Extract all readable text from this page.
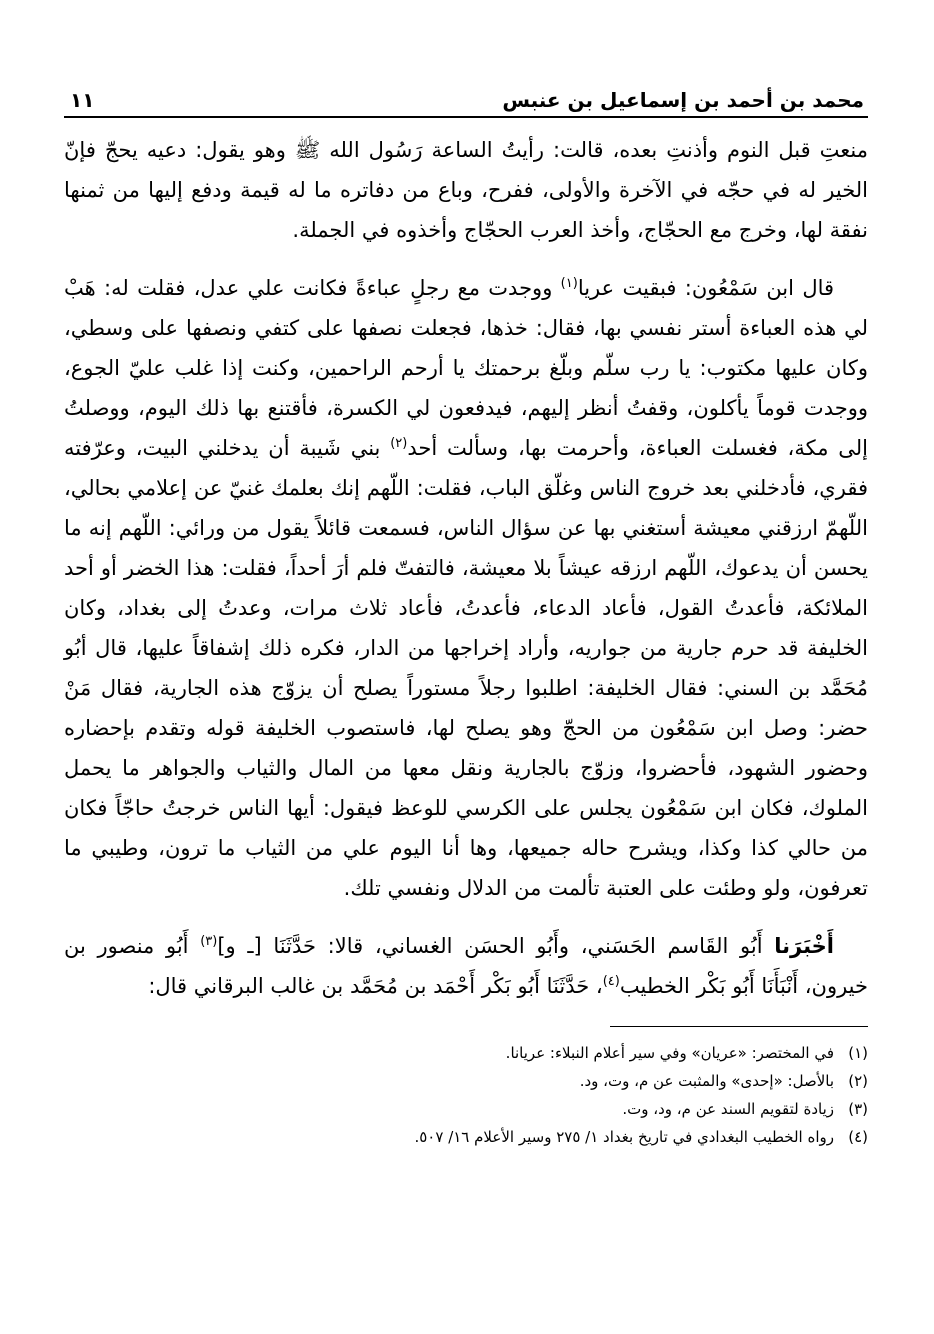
محمد بن أحمد بن إسماعيل بن عنبس
١١

منعتِ قبل النوم وأذنتِ بعده، قالت: رأيتُ الساعة رَسُول الله ﷺ وهو يقول: دعيه يحجّ فإنّ الخير له في حجّه في الآخرة والأولى، ففرح، وباع من دفاتره ما له قيمة ودفع إليها من ثمنها نفقة لها، وخرج مع الحجّاج، وأخذ العرب الحجّاج وأخذوه في الجملة.

قال ابن سَمْعُون: فبقيت عريا$^{(١)}$ ووجدت مع رجلٍ عباءةً فكانت علي عدل، فقلت له: هَبْ لي هذه العباءة أستر نفسي بها، فقال: خذها، فجعلت نصفها على كتفي ونصفها على وسطي، وكان عليها مكتوب: يا رب سلّم وبلّغ برحمتك يا أرحم الراحمين، وكنت إذا غلب عليّ الجوع، ووجدت قوماً يأكلون، وقفتُ أنظر إليهم، فيدفعون لي الكسرة، فأقتنع بها ذلك اليوم، ووصلتُ إلى مكة، فغسلت العباءة، وأحرمت بها، وسألت أحد$^{(٢)}$ بني شَيبة أن يدخلني البيت، وعرّفته فقري، فأدخلني بعد خروج الناس وغلّق الباب، فقلت: اللّهم إنك بعلمك غنيّ عن إعلامي بحالي، اللّهمّ ارزقني معيشة أستغني بها عن سؤال الناس، فسمعت قائلاً يقول من ورائي: اللّهم إنه ما يحسن أن يدعوك، اللّهم ارزقه عيشاً بلا معيشة، فالتفتّ فلم أرَ أحداً، فقلت: هذا الخضر أو أحد الملائكة، فأعدتُ القول، فأعاد الدعاء، فأعدتُ، فأعاد ثلاث مرات، وعدتُ إلى بغداد، وكان الخليفة قد حرم جارية من جواريه، وأراد إخراجها من الدار، فكره ذلك إشفاقاً عليها، قال أبُو مُحَمَّد بن السني: فقال الخليفة: اطلبوا رجلاً مستوراً يصلح أن يزوّج هذه الجارية، فقال مَنْ حضر: وصل ابن سَمْعُون من الحجّ وهو يصلح لها، فاستصوب الخليفة قوله وتقدم بإحضاره وحضور الشهود، فأحضروا، وزوّج بالجارية ونقل معها من المال والثياب والجواهر ما يحمل الملوك، فكان ابن سَمْعُون يجلس على الكرسي للوعظ فيقول: أيها الناس خرجتُ حاجّاً فكان من حالي كذا وكذا، ويشرح حاله جميعها، وها أنا اليوم علي من الثياب ما ترون، وطيبي ما تعرفون، ولو وطئت على العتبة تألمت من الدلال ونفسي تلك.

أَخْبَرَنا أَبُو القَاسم الحَسَني، وأَبُو الحسَن الغساني، قالا: حَدَّثَنَا [ـ و]$^{(٣)}$ أَبُو منصور بن خيرون، أَنْبَأَنَا أَبُو بَكْر الخطيب$^{(٤)}$، حَدَّثَنَا أَبُو بَكْر أَحْمَد بن مُحَمَّد بن غالب البرقاني قال:

(١)
في المختصر: «عريان» وفي سير أعلام النبلاء: عريانا.
(٢)
بالأصل: «إحدى» والمثبت عن م، وت، ود.
(٣)
زيادة لتقويم السند عن م، ود، وت.
(٤)
رواه الخطيب البغدادي في تاريخ بغداد ١/ ٢٧٥ وسير الأعلام ١٦/ ٥٠٧.
